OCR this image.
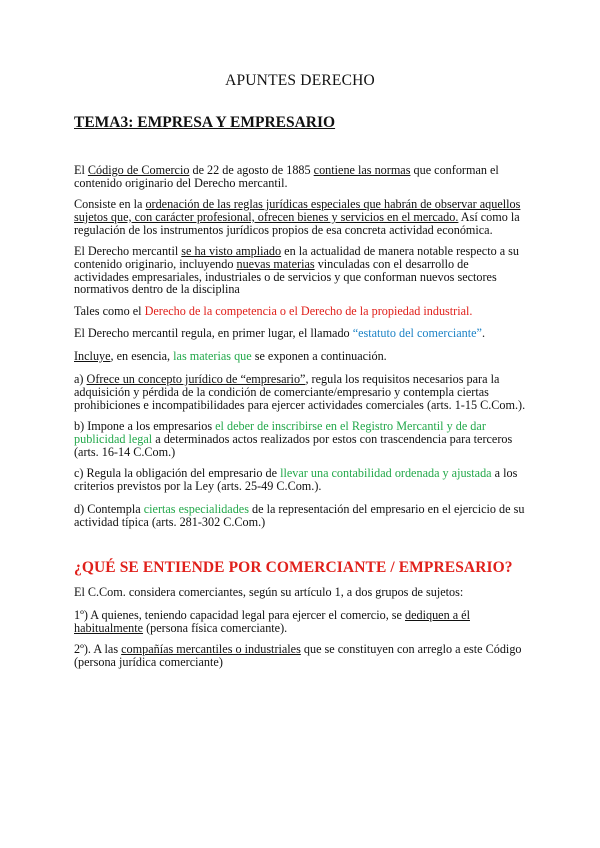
APUNTES DERECHO
TEMA3: EMPRESA Y EMPRESARIO
El Código de Comercio de 22 de agosto de 1885 contiene las normas que conforman el contenido originario del Derecho mercantil.
Consiste en la ordenación de las reglas jurídicas especiales que habrán de observar aquellos sujetos que, con carácter profesional, ofrecen bienes y servicios en el mercado. Así como la regulación de los instrumentos jurídicos propios de esa concreta actividad económica.
El Derecho mercantil se ha visto ampliado en la actualidad de manera notable respecto a su contenido originario, incluyendo nuevas materias vinculadas con el desarrollo de actividades empresariales, industriales o de servicios y que conforman nuevos sectores normativos dentro de la disciplina
Tales como el Derecho de la competencia o el Derecho de la propiedad industrial.
El Derecho mercantil regula, en primer lugar, el llamado “estatuto del comerciante”.
Incluye, en esencia, las materias que se exponen a continuación.
a) Ofrece un concepto jurídico de “empresario”, regula los requisitos necesarios para la adquisición y pérdida de la condición de comerciante/empresario y contempla ciertas prohibiciones e incompatibilidades para ejercer actividades comerciales (arts. 1-15 C.Com.).
b) Impone a los empresarios el deber de inscribirse en el Registro Mercantil y de dar publicidad legal a determinados actos realizados por estos con trascendencia para terceros (arts. 16-14 C.Com.)
c) Regula la obligación del empresario de llevar una contabilidad ordenada y ajustada a los criterios previstos por la Ley (arts. 25-49 C.Com.).
d) Contempla ciertas especialidades de la representación del empresario en el ejercicio de su actividad típica (arts. 281-302 C.Com.)
¿QUÉ SE ENTIENDE POR COMERCIANTE / EMPRESARIO?
El C.Com. considera comerciantes, según su artículo 1, a dos grupos de sujetos:
1º) A quienes, teniendo capacidad legal para ejercer el comercio, se dediquen a él habitualmente (persona física comerciante).
2º). A las compañías mercantiles o industriales que se constituyen con arreglo a este Código (persona jurídica comerciante)
